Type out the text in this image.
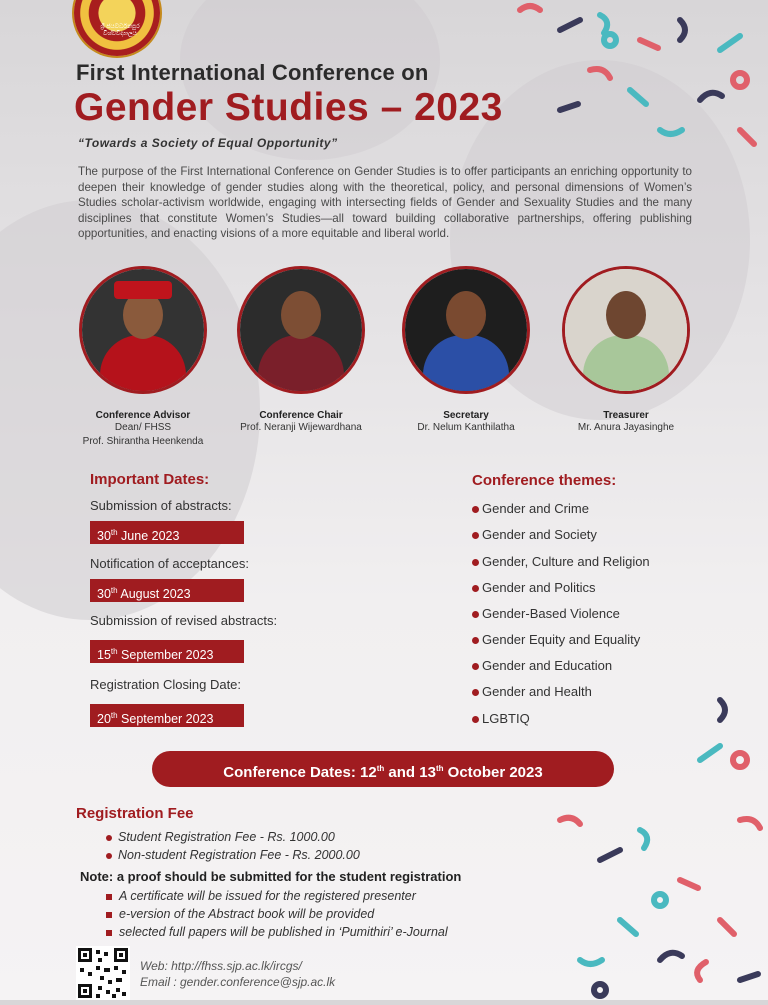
ශ්‍රී ජයවර්ධනපුර විශ්වවිද්‍යාලය
First International Conference on
Gender Studies – 2023
“Towards a Society of Equal Opportunity”
The purpose of the First International Conference on Gender Studies is to offer participants an enriching opportunity to deepen their knowledge of gender studies along with the theoretical, policy, and personal dimensions of Women’s Studies scholar-activism worldwide, engaging with intersecting fields of Gender and Sexuality Studies and the many disciplines that constitute Women’s Studies—all toward building collaborative partnerships, offering publishing opportunities, and enacting visions of a more equitable and liberal world.
Conference Advisor
Dean/ FHSS
Prof. Shirantha Heenkenda
Conference Chair
Prof. Neranji Wijewardhana
Secretary
Dr. Nelum Kanthilatha
Treasurer
Mr. Anura Jayasinghe
Important Dates:
Submission of abstracts:
30th June 2023
Notification of acceptances:
30th August 2023
Submission of revised abstracts:
15th September 2023
Registration Closing Date:
20th September 2023
Conference themes:
Gender and Crime
Gender and Society
Gender, Culture and Religion
Gender and Politics
Gender-Based Violence
Gender Equity and Equality
Gender and Education
Gender and Health
LGBTIQ
Conference Dates: 12th and 13th October 2023
Registration Fee
Student Registration Fee - Rs. 1000.00
Non-student Registration Fee - Rs. 2000.00
Note: a proof should be submitted for the student registration
A certificate will be issued for the registered presenter
e-version of the Abstract book will be provided
selected full papers will be published in ‘Pumithiri’ e-Journal
Web: http://fhss.sjp.ac.lk/ircgs/
Email : gender.conference@sjp.ac.lk
